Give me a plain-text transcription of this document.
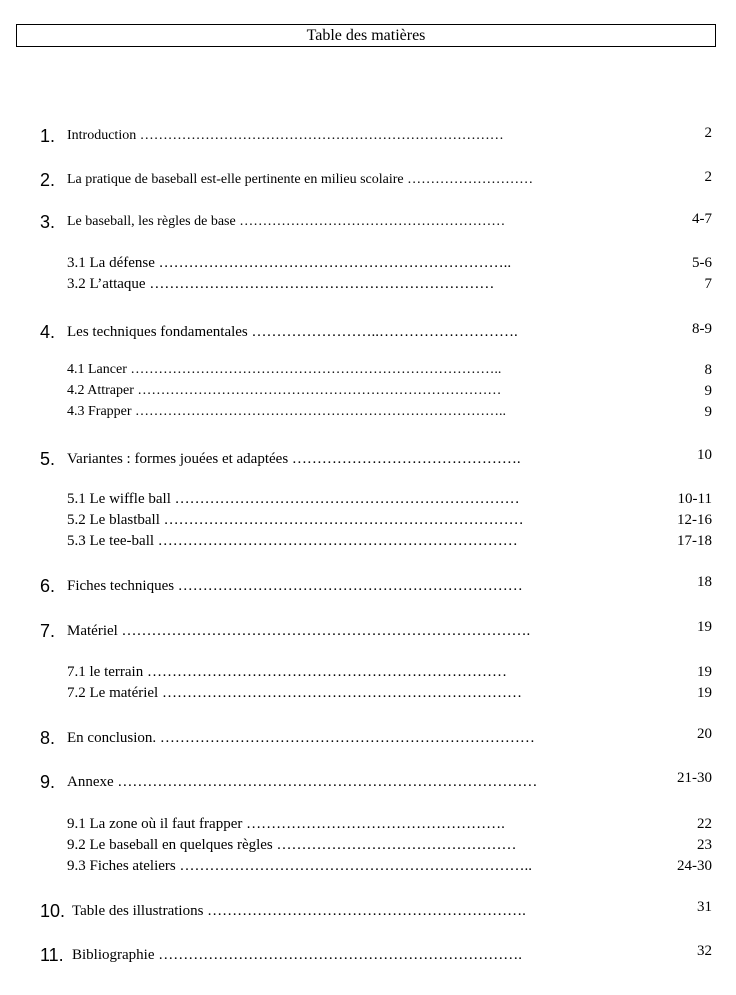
Table des matières
1. Introduction ……………………………………………………………………	2
2. La pratique de baseball est-elle pertinente en milieu scolaire ………………………	2
3. Le baseball, les règles de base …………………………………………………	4-7
3.1 La défense ……………………………………………………………..	5-6
3.2 L’attaque ……………………………………………………………	7
4. Les techniques fondamentales ……………………..……………………….	8-9
4.1 Lancer ……………………………………………………………………..	8
4.2 Attraper ……………………………………………………………………	9
4.3 Frapper ……………………………………………………………………..	9
5. Variantes : formes jouées et adaptées ……………………………………….	10
5.1 Le wiffle ball ……………………………………………………………	10-11
5.2 Le blastball ………………………………………………………………	12-16
5.3 Le tee-ball ………………………………………………………………	17-18
6. Fiches techniques ……………………………………………………………	18
7. Matériel ……………………………………………………………………….	19
7.1 le terrain ………………………………………………………………	19
7.2 Le matériel ………………………………………………………………	19
8. En conclusion. …………………………………………………………………	20
9. Annexe …………………………………………………………………………	21-30
9.1 La zone où il faut frapper …………………………………………….	22
9.2 Le baseball en quelques règles …………………………………………	23
9.3 Fiches ateliers ……………………………………………………………..	24-30
10. Table des illustrations ……………………………………………………….	31
11. Bibliographie ……………………………………………………………….	32
